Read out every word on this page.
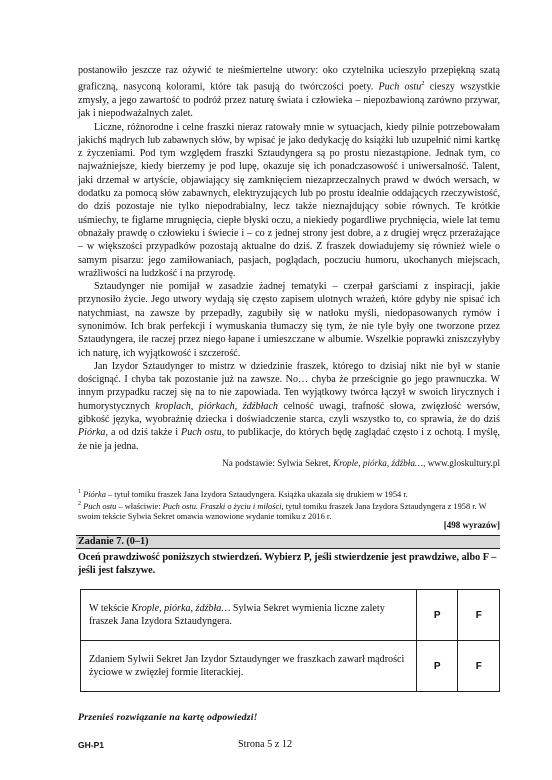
postanowiło jeszcze raz ożywić te nieśmiertelne utwory: oko czytelnika ucieszyło przepiękną szatą graficzną, nasyconą kolorami, które tak pasują do twórczości poety. Puch ostu$^2$ cieszy wszystkie zmysły, a jego zawartość to podróż przez naturę świata i człowieka – niepozbawioną zarówno przywar, jak i niepodważalnych zalet.

Liczne, różnorodne i celne fraszki nieraz ratowały mnie w sytuacjach, kiedy pilnie potrzebowałam jakichś mądrych lub zabawnych słów, by wpisać je jako dedykację do książki lub uzupełnić nimi kartkę z życzeniami. Pod tym względem fraszki Sztaudyngera są po prostu niezastąpione. Jednak tym, co najważniejsze, kiedy bierzemy je pod lupę, okazuje się ich ponadczasowość i uniwersalność. Talent, jaki drzemał w artyście, objawiający się zamknięciem niezaprzeczalnych prawd w dwóch wersach, w dodatku za pomocą słów zabawnych, elektryzujących lub po prostu idealnie oddających rzeczywistość, do dziś pozostaje nie tylko niepodrabialny, lecz także nieznajdujący sobie równych. Te krótkie uśmiechy, te figlarne mrugnięcia, ciepłe błyski oczu, a niekiedy pogardliwe prychnięcia, wiele lat temu obnażały prawdę o człowieku i świecie i – co z jednej strony jest dobre, a z drugiej wręcz przerażające – w większości przypadków pozostają aktualne do dziś. Z fraszek dowiadujemy się również wiele o samym pisarzu: jego zamiłowaniach, pasjach, poglądach, poczuciu humoru, ukochanych miejscach, wrażliwości na ludzkość i na przyrodę.

Sztaudynger nie pomijał w zasadzie żadnej tematyki – czerpał garściami z inspiracji, jakie przynosiło życie. Jego utwory wydają się często zapisem ulotnych wrażeń, które gdyby nie spisać ich natychmiast, na zawsze by przepadły, zagubiły się w natłoku myśli, niedopasowanych rymów i synonimów. Ich brak perfekcji i wymuskania tłumaczy się tym, że nie tyle były one tworzone przez Sztaudyngera, ile raczej przez niego łapane i umieszczane w albumie. Wszelkie poprawki zniszczyłyby ich naturę, ich wyjątkowość i szczerość.

Jan Izydor Sztaudynger to mistrz w dziedzinie fraszek, którego to dzisiaj nikt nie był w stanie doścignąć. I chyba tak pozostanie już na zawsze. No… chyba że prześcignie go jego prawnuczka. W innym przypadku raczej się na to nie zapowiada. Ten wyjątkowy twórca łączył w swoich lirycznych i humorystycznych kroplach, piórkach, źdźbłach celność uwagi, trafność słowa, zwięzłość wersów, gibkość języka, wyobraźnię dziecka i doświadczenie starca, czyli wszystko to, co sprawia, że do dziś Piórka, a od dziś także i Puch ostu, to publikacje, do których będę zaglądać często i z ochotą. I myślę, że nie ja jedna.

Na podstawie: Sylwia Sekret, Krople, piórka, źdźbła…, www.gloskultury.pl
$^1$ Piórka – tytuł tomiku fraszek Jana Izydora Sztaudyngera. Książka ukazała się drukiem w 1954 r.
$^2$ Puch ostu – właściwie: Puch ostu. Fraszki o życiu i miłości, tytuł tomiku fraszek Jana Izydora Sztaudyngera z 1958 r. W swoim tekście Sylwia Sekret omawia wznowione wydanie tomiku z 2016 r.
[498 wyrazów]
Zadanie 7. (0–1)
Oceń prawdziwość poniższych stwierdzeń. Wybierz P, jeśli stwierdzenie jest prawdziwe, albo F – jeśli jest fałszywe.
W tekście Krople, piórka, źdźbła… Sylwia Sekret wymienia liczne zalety fraszek Jana Izydora Sztaudyngera.	P	F
Zdaniem Sylwii Sekret Jan Izydor Sztaudynger we fraszkach zawarł mądrości życiowe w zwięzłej formie literackiej.	P	F
Przenieś rozwiązanie na kartę odpowiedzi!
GH-P1	Strona 5 z 12
